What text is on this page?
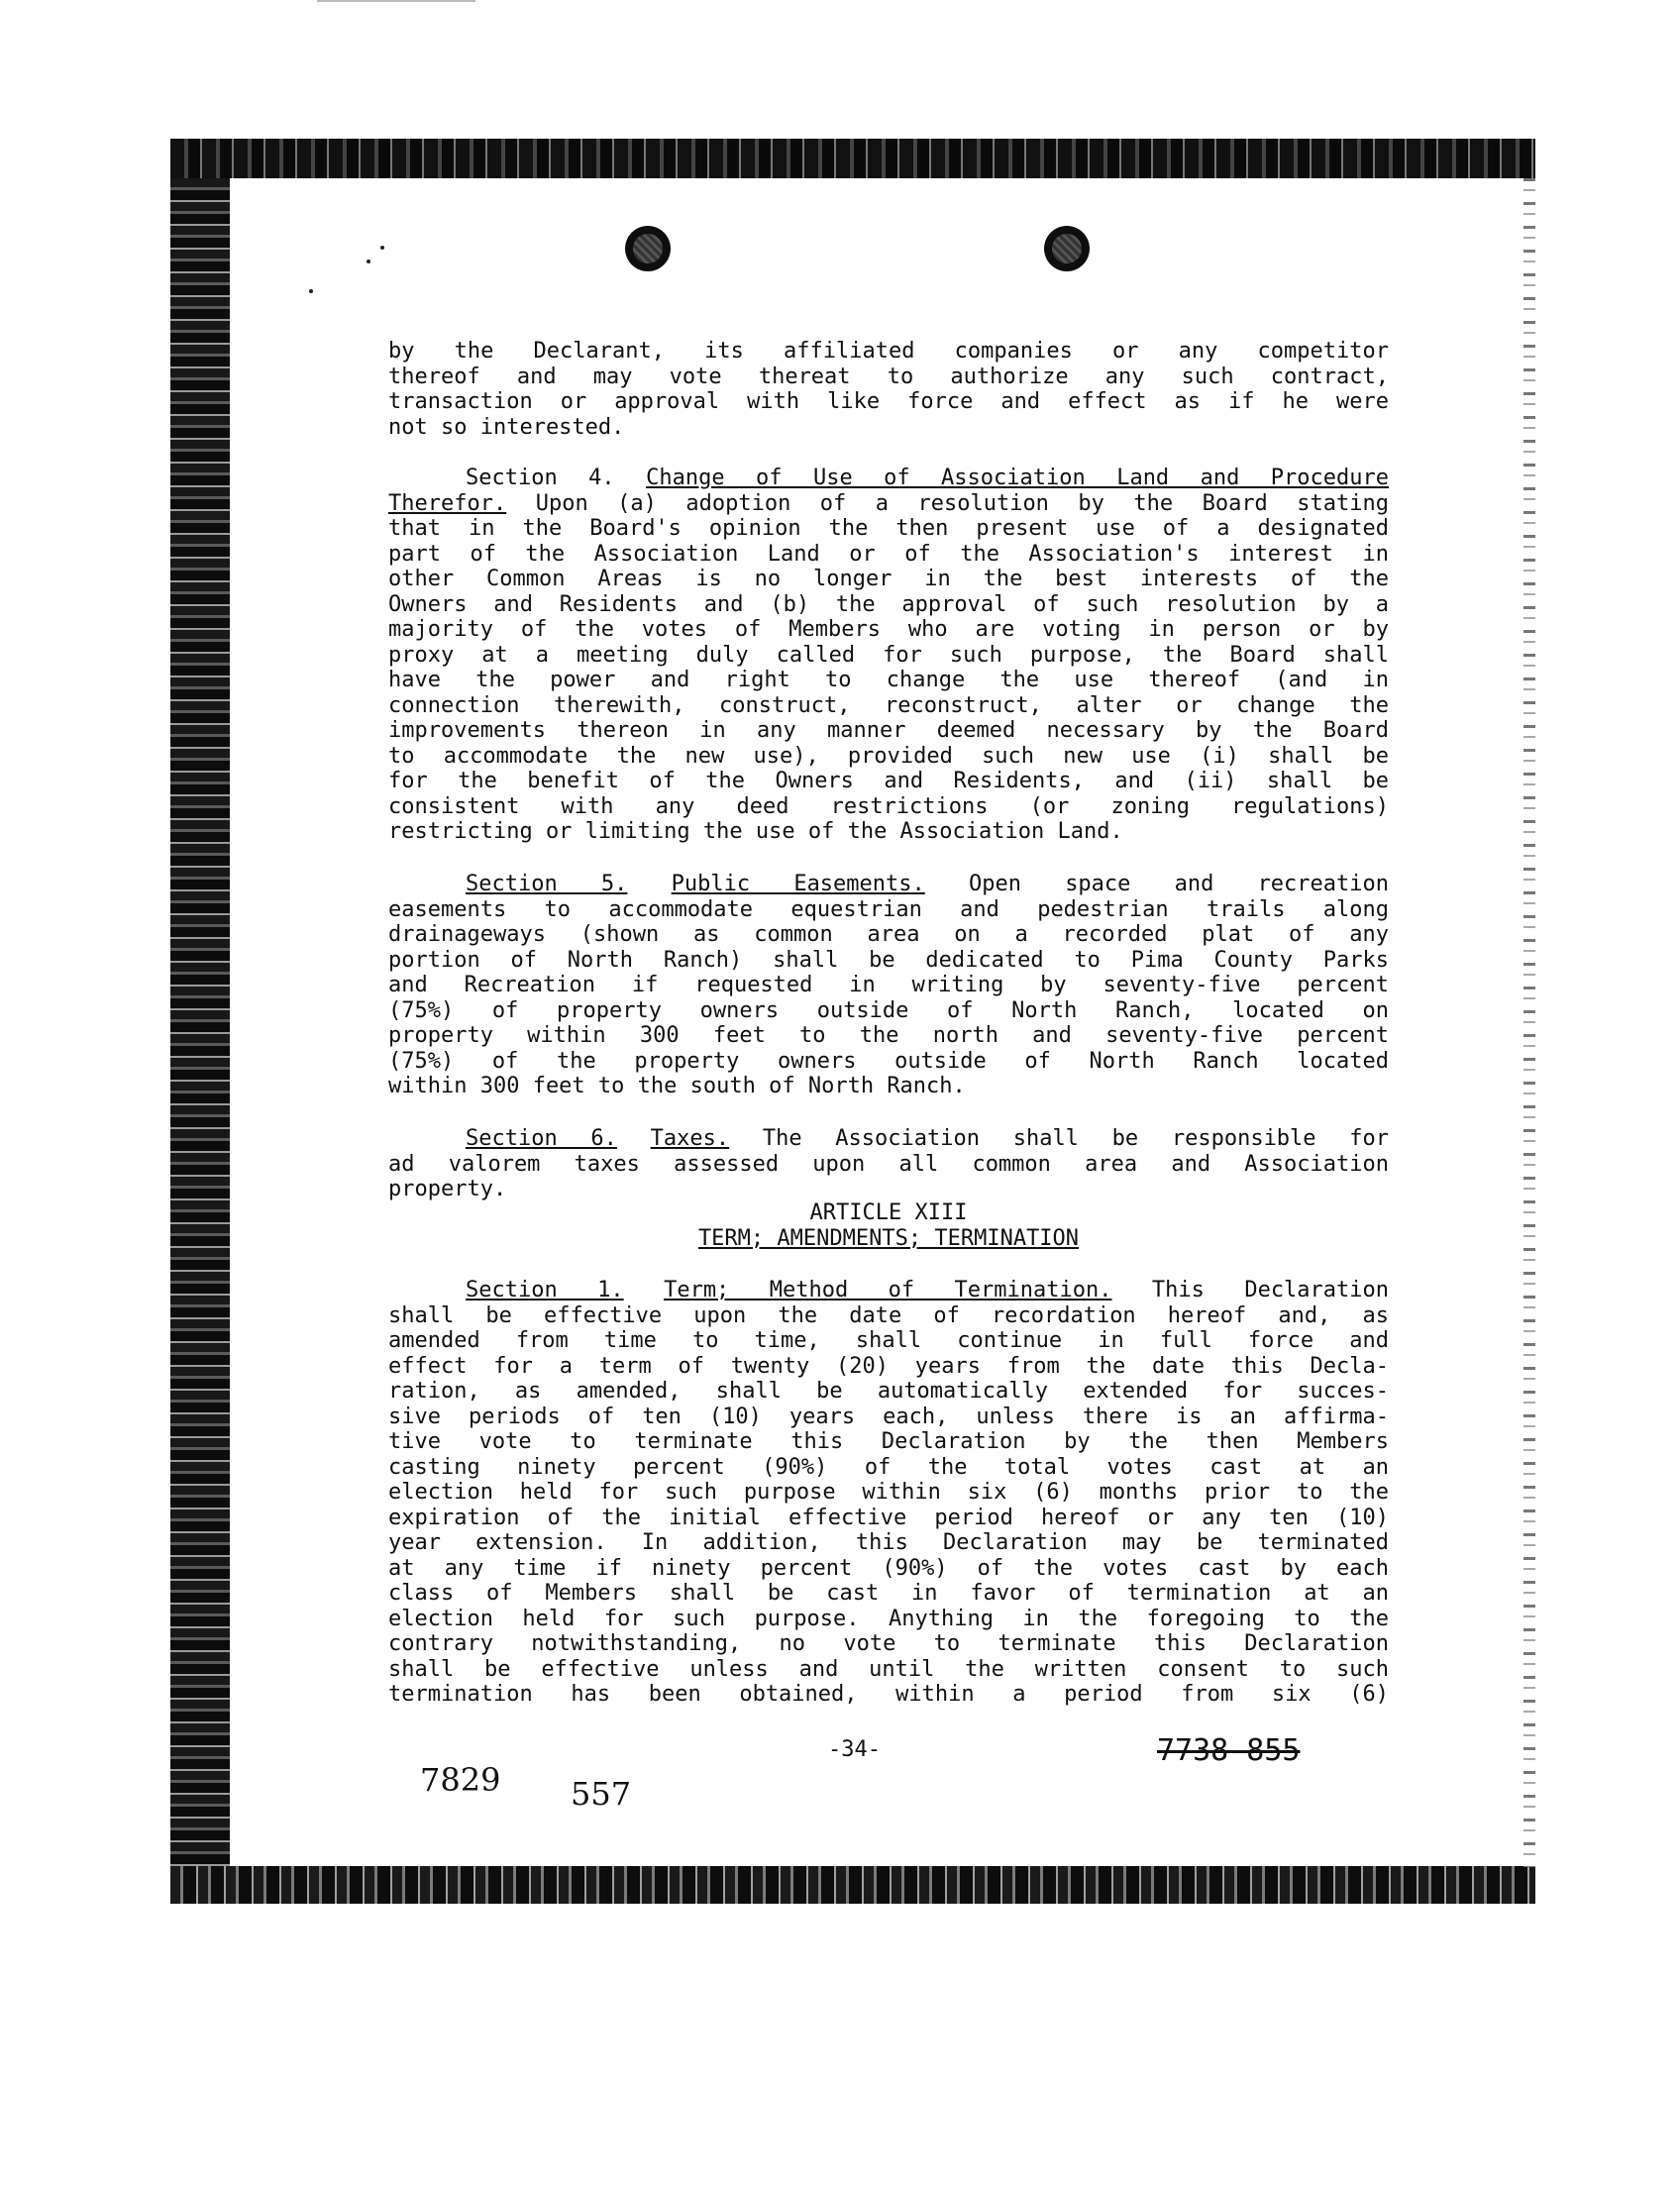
by the Declarant, its affiliated companies or any competitor
thereof and may vote thereat to authorize any such contract,
transaction or approval with like force and effect as if he were
not so interested.
Section 4. Change of Use of Association Land and Procedure
Therefor. Upon (a) adoption of a resolution by the Board stating
that in the Board's opinion the then present use of a designated
part of the Association Land or of the Association's interest in
other Common Areas is no longer in the best interests of the
Owners and Residents and (b) the approval of such resolution by a
majority of the votes of Members who are voting in person or by
proxy at a meeting duly called for such purpose, the Board shall
have the power and right to change the use thereof (and in
connection therewith, construct, reconstruct, alter or change the
improvements thereon in any manner deemed necessary by the Board
to accommodate the new use), provided such new use (i) shall be
for the benefit of the Owners and Residents, and (ii) shall be
consistent with any deed restrictions (or zoning regulations)
restricting or limiting the use of the Association Land.
Section 5. Public Easements. Open space and recreation
easements to accommodate equestrian and pedestrian trails along
drainageways (shown as common area on a recorded plat of any
portion of North Ranch) shall be dedicated to Pima County Parks
and Recreation if requested in writing by seventy-five percent
(75%) of property owners outside of North Ranch, located on
property within 300 feet to the north and seventy-five percent
(75%) of the property owners outside of North Ranch located
within 300 feet to the south of North Ranch.
Section 6. Taxes. The Association shall be responsible for
ad valorem taxes assessed upon all common area and Association
property.
ARTICLE XIII
TERM; AMENDMENTS; TERMINATION
Section 1. Term; Method of Termination. This Declaration
shall be effective upon the date of recordation hereof and, as
amended from time to time, shall continue in full force and
effect for a term of twenty (20) years from the date this Decla-
ration, as amended, shall be automatically extended for succes-
sive periods of ten (10) years each, unless there is an affirma-
tive vote to terminate this Declaration by the then Members
casting ninety percent (90%) of the total votes cast at an
election held for such purpose within six (6) months prior to the
expiration of the initial effective period hereof or any ten (10)
year extension. In addition, this Declaration may be terminated
at any time if ninety percent (90%) of the votes cast by each
class of Members shall be cast in favor of termination at an
election held for such purpose. Anything in the foregoing to the
contrary notwithstanding, no vote to terminate this Declaration
shall be effective unless and until the written consent to such
termination has been obtained, within a period from six (6)
-34-	7738 855
7829 557
